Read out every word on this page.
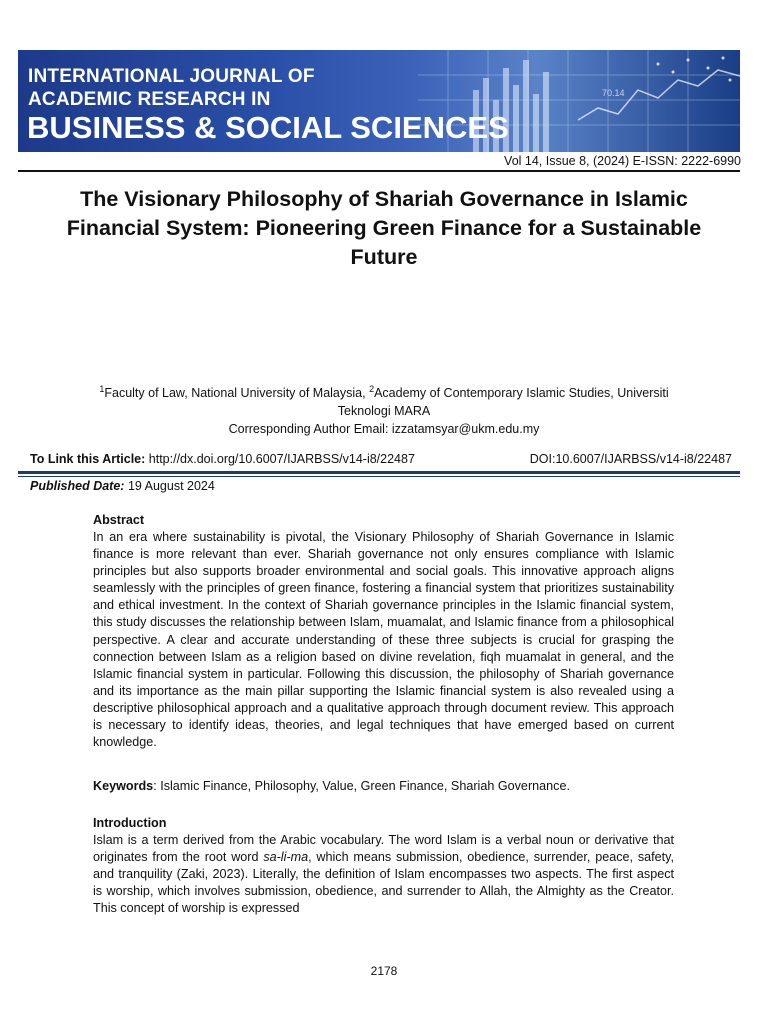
70.14
INTERNATIONAL JOURNAL OF
ACADEMIC RESEARCH IN
BUSINESS & SOCIAL SCIENCES
Vol 14, Issue 8, (2024) E-ISSN: 2222-6990
The Visionary Philosophy of Shariah Governance in Islamic Financial System: Pioneering Green Finance for a Sustainable Future
$^1$Faculty of Law, National University of Malaysia, $^2$Academy of Contemporary Islamic Studies, Universiti Teknologi MARA
Corresponding Author Email: izzatamsyar@ukm.edu.my
To Link this Article: http://dx.doi.org/10.6007/IJARBSS/v14-i8/22487	DOI:10.6007/IJARBSS/v14-i8/22487
Published Date: 19 August 2024
Abstract

In an era where sustainability is pivotal, the Visionary Philosophy of Shariah Governance in Islamic finance is more relevant than ever. Shariah governance not only ensures compliance with Islamic principles but also supports broader environmental and social goals. This innovative approach aligns seamlessly with the principles of green finance, fostering a financial system that prioritizes sustainability and ethical investment. In the context of Shariah governance principles in the Islamic financial system, this study discusses the relationship between Islam, muamalat, and Islamic finance from a philosophical perspective. A clear and accurate understanding of these three subjects is crucial for grasping the connection between Islam as a religion based on divine revelation, fiqh muamalat in general, and the Islamic financial system in particular. Following this discussion, the philosophy of Shariah governance and its importance as the main pillar supporting the Islamic financial system is also revealed using a descriptive philosophical approach and a qualitative approach through document review. This approach is necessary to identify ideas, theories, and legal techniques that have emerged based on current knowledge.

Keywords: Islamic Finance, Philosophy, Value, Green Finance, Shariah Governance.
Introduction

Islam is a term derived from the Arabic vocabulary. The word Islam is a verbal noun or derivative that originates from the root word sa-li-ma, which means submission, obedience, surrender, peace, safety, and tranquility (Zaki, 2023). Literally, the definition of Islam encompasses two aspects. The first aspect is worship, which involves submission, obedience, and surrender to Allah, the Almighty as the Creator. This concept of worship is expressed

2178
